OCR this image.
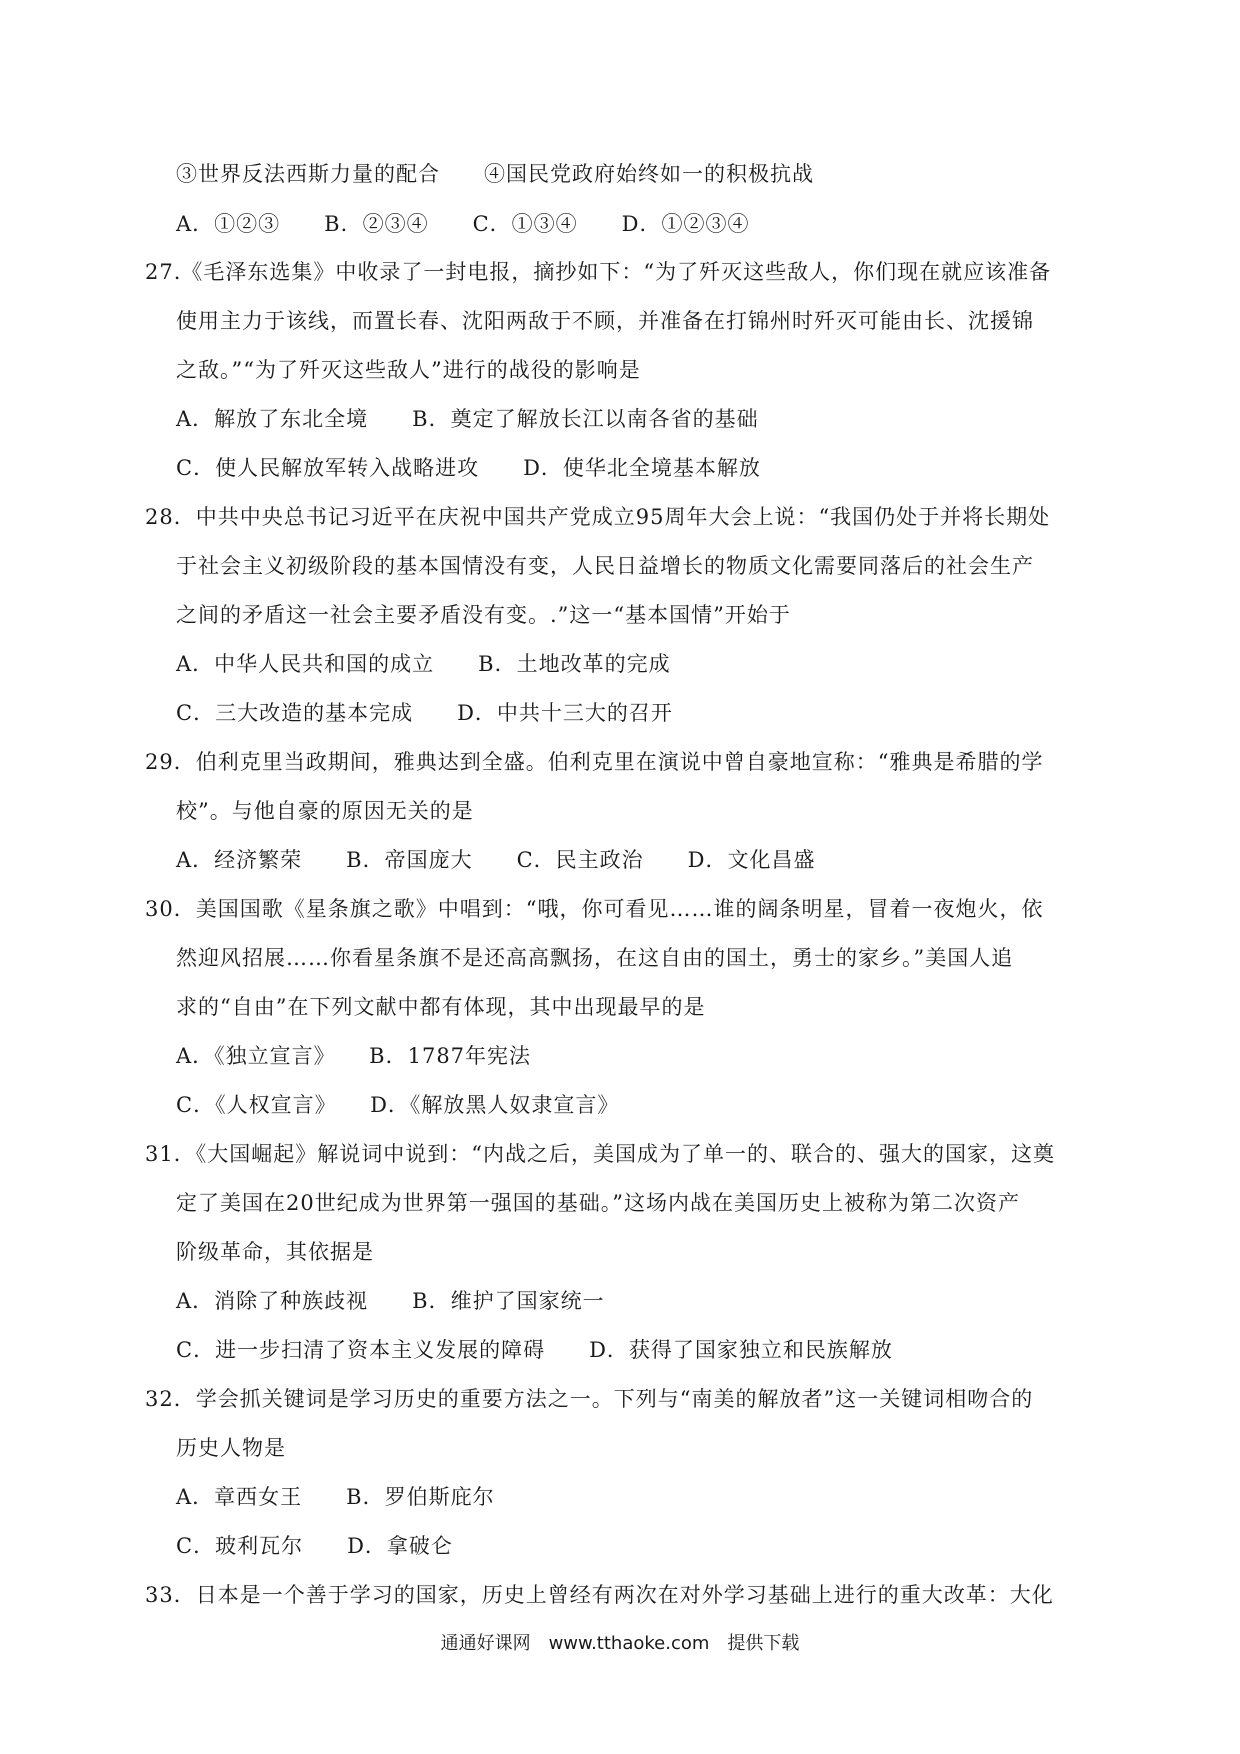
③世界反法西斯力量的配合　　④国民党政府始终如一的积极抗战
A．①②③　　B．②③④　　C．①③④　　D．①②③④
27.《毛泽东选集》中收录了一封电报，摘抄如下：“为了歼灭这些敌人，你们现在就应该准备
使用主力于该线，而置长春、沈阳两敌于不顾，并准备在打锦州时歼灭可能由长、沈援锦
之敌。”“为了歼灭这些敌人”进行的战役的影响是
A．解放了东北全境　　B．奠定了解放长江以南各省的基础
C．使人民解放军转入战略进攻　　D．使华北全境基本解放
28．中共中央总书记习近平在庆祝中国共产党成立95周年大会上说：“我国仍处于并将长期处
于社会主义初级阶段的基本国情没有变，人民日益增长的物质文化需要同落后的社会生产
之间的矛盾这一社会主要矛盾没有变。.”这一“基本国情”开始于
A．中华人民共和国的成立　　B．土地改革的完成
C．三大改造的基本完成　　D．中共十三大的召开
29．伯利克里当政期间，雅典达到全盛。伯利克里在演说中曾自豪地宣称：“雅典是希腊的学
校”。与他自豪的原因无关的是
A．经济繁荣　　B．帝国庞大　　C．民主政治　　D．文化昌盛
30．美国国歌《星条旗之歌》中唱到：“哦，你可看见……谁的阔条明星，冒着一夜炮火，依
然迎风招展……你看星条旗不是还高高飘扬，在这自由的国土，勇士的家乡。”美国人追
求的“自由”在下列文献中都有体现，其中出现最早的是
A．《独立宣言》　　B．1787年宪法
C．《人权宣言》　　D．《解放黑人奴隶宣言》
31．《大国崛起》解说词中说到：“内战之后，美国成为了单一的、联合的、强大的国家，这奠
定了美国在20世纪成为世界第一强国的基础。”这场内战在美国历史上被称为第二次资产
阶级革命，其依据是
A．消除了种族歧视　　B．维护了国家统一
C．进一步扫清了资本主义发展的障碍　　D．获得了国家独立和民族解放
32．学会抓关键词是学习历史的重要方法之一。下列与“南美的解放者”这一关键词相吻合的
历史人物是
A．章西女王　　B．罗伯斯庇尔
C．玻利瓦尔　　D．拿破仑
33．日本是一个善于学习的国家，历史上曾经有两次在对外学习基础上进行的重大改革：大化
通通好课网　www.tthaoke.com　提供下载
